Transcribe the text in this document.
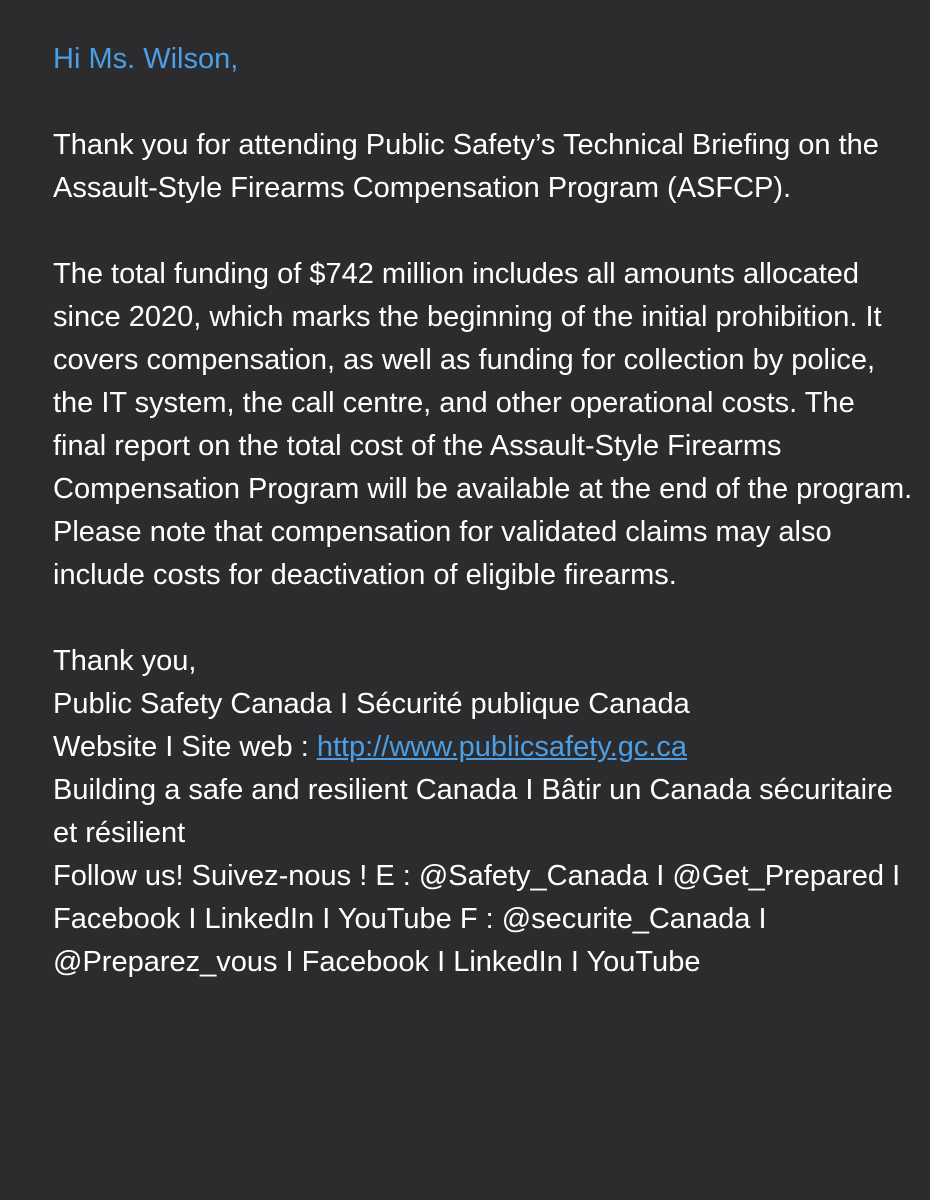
Hi Ms. Wilson,
Thank you for attending Public Safety’s Technical Briefing on the Assault-Style Firearms Compensation Program (ASFCP).
The total funding of $742 million includes all amounts allocated since 2020, which marks the beginning of the initial prohibition. It covers compensation, as well as funding for collection by police, the IT system, the call centre, and other operational costs. The final report on the total cost of the Assault-Style Firearms Compensation Program will be available at the end of the program. Please note that compensation for validated claims may also include costs for deactivation of eligible firearms.
Thank you,
Public Safety Canada I Sécurité publique Canada
Website I Site web : http://www.publicsafety.gc.ca
Building a safe and resilient Canada I Bâtir un Canada sécuritaire et résilient
Follow us! Suivez-nous ! E : @Safety_Canada I @Get_Prepared I Facebook I LinkedIn I YouTube F : @securite_Canada I @Preparez_vous I Facebook I LinkedIn I YouTube
